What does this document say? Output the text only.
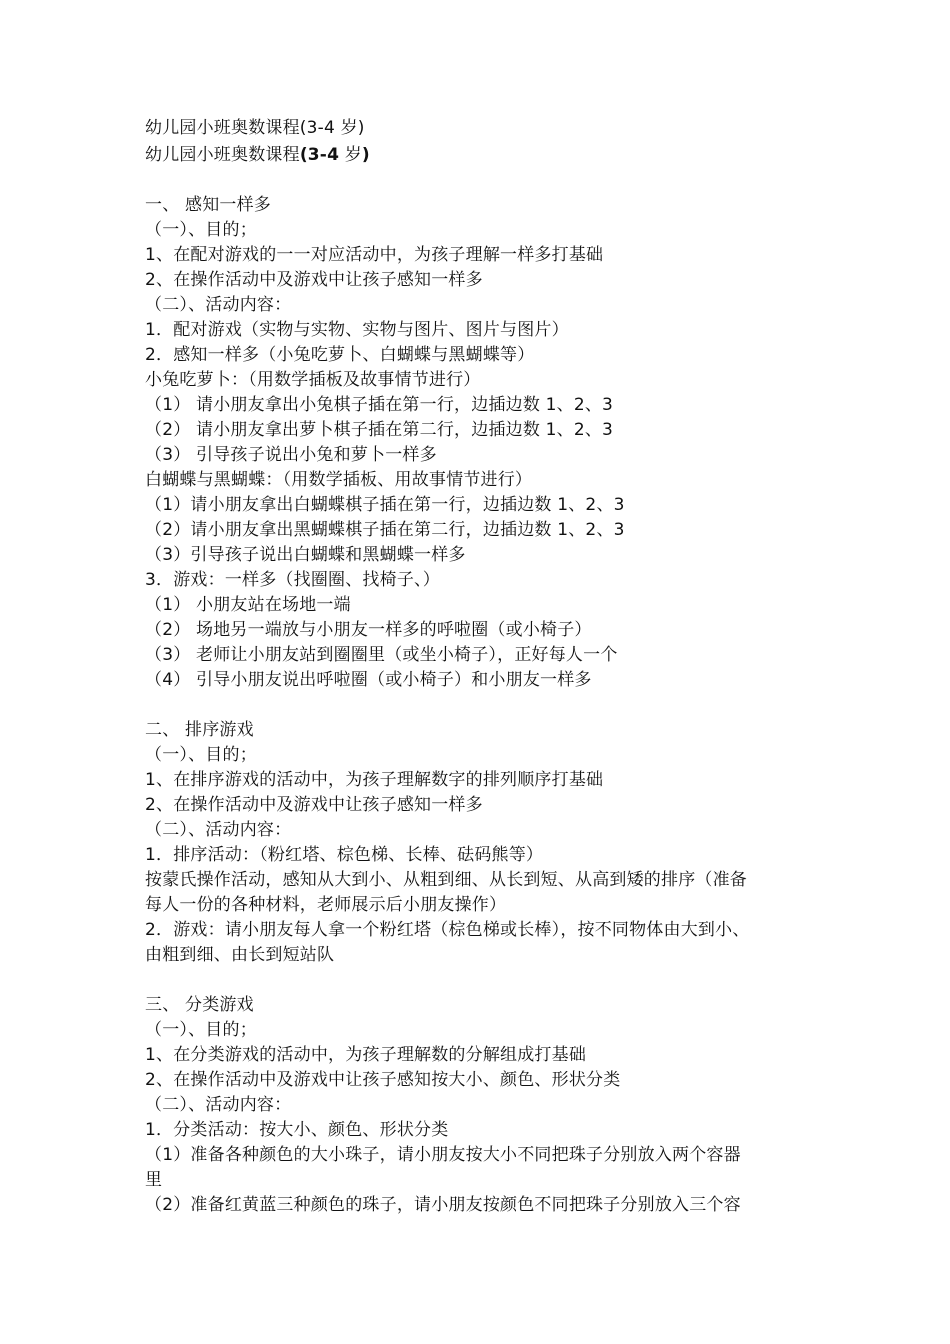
幼儿园小班奥数课程(3-4 岁)
幼儿园小班奥数课程(3-4 岁)
一、 感知一样多
（一）、目的；
1、在配对游戏的一一对应活动中，为孩子理解一样多打基础
2、在操作活动中及游戏中让孩子感知一样多
（二）、活动内容：
1．配对游戏（实物与实物、实物与图片、图片与图片）
2．感知一样多（小兔吃萝卜、白蝴蝶与黑蝴蝶等）
小兔吃萝卜：（用数学插板及故事情节进行）
（1） 请小朋友拿出小兔棋子插在第一行，边插边数 1、2、3
（2） 请小朋友拿出萝卜棋子插在第二行，边插边数 1、2、3
（3） 引导孩子说出小兔和萝卜一样多
白蝴蝶与黑蝴蝶：（用数学插板、用故事情节进行）
（1）请小朋友拿出白蝴蝶棋子插在第一行，边插边数 1、2、3
（2）请小朋友拿出黑蝴蝶棋子插在第二行，边插边数 1、2、3
（3）引导孩子说出白蝴蝶和黑蝴蝶一样多
3．游戏：一样多（找圈圈、找椅子、）
（1） 小朋友站在场地一端
（2） 场地另一端放与小朋友一样多的呼啦圈（或小椅子）
（3） 老师让小朋友站到圈圈里（或坐小椅子），正好每人一个
（4） 引导小朋友说出呼啦圈（或小椅子）和小朋友一样多
二、 排序游戏
（一）、目的；
1、在排序游戏的活动中，为孩子理解数字的排列顺序打基础
2、在操作活动中及游戏中让孩子感知一样多
（二）、活动内容：
1．排序活动：（粉红塔、棕色梯、长棒、砝码熊等）
按蒙氏操作活动，感知从大到小、从粗到细、从长到短、从高到矮的排序（准备
每人一份的各种材料，老师展示后小朋友操作）
2．游戏：请小朋友每人拿一个粉红塔（棕色梯或长棒），按不同物体由大到小、
由粗到细、由长到短站队
三、 分类游戏
（一）、目的；
1、在分类游戏的活动中，为孩子理解数的分解组成打基础
2、在操作活动中及游戏中让孩子感知按大小、颜色、形状分类
（二）、活动内容：
1．分类活动：按大小、颜色、形状分类
（1）准备各种颜色的大小珠子，请小朋友按大小不同把珠子分别放入两个容器
里
（2）准备红黄蓝三种颜色的珠子，请小朋友按颜色不同把珠子分别放入三个容
